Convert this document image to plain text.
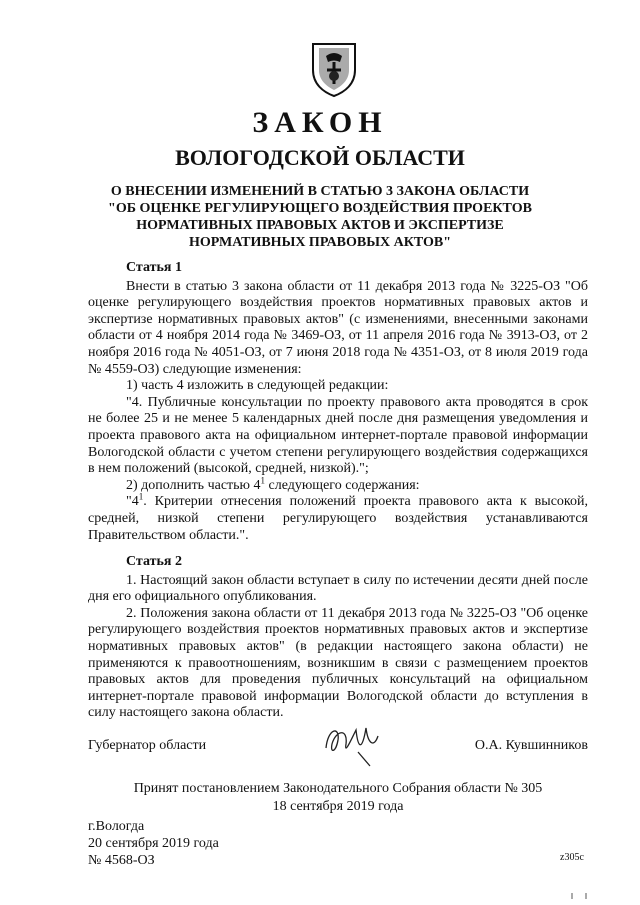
ЗАКОН
ВОЛОГОДСКОЙ ОБЛАСТИ
О ВНЕСЕНИИ ИЗМЕНЕНИЙ В СТАТЬЮ 3 ЗАКОНА ОБЛАСТИ
"ОБ ОЦЕНКЕ РЕГУЛИРУЮЩЕГО ВОЗДЕЙСТВИЯ ПРОЕКТОВ
НОРМАТИВНЫХ ПРАВОВЫХ АКТОВ И ЭКСПЕРТИЗЕ
НОРМАТИВНЫХ ПРАВОВЫХ АКТОВ"

Статья 1

Внести в статью 3 закона области от 11 декабря 2013 года № 3225-ОЗ "Об оценке регулирующего воздействия проектов нормативных правовых актов и экспертизе нормативных правовых актов" (с изменениями, внесенными законами области от 4 ноября 2014 года № 3469-ОЗ, от 11 апреля 2016 года № 3913-ОЗ, от 2 ноября 2016 года № 4051-ОЗ, от 7 июня 2018 года № 4351-ОЗ, от 8 июля 2019 года № 4559-ОЗ) следующие изменения:

1) часть 4 изложить в следующей редакции:

"4. Публичные консультации по проекту правового акта проводятся в срок не более 25 и не менее 5 календарных дней после дня размещения уведомления и проекта правового акта на официальном интернет-портале правовой информации Вологодской области с учетом степени регулирующего воздействия содержащихся в нем положений (высокой, средней, низкой).";

2) дополнить частью $4^1$ следующего содержания:

"$4^1$. Критерии отнесения положений проекта правового акта к высокой, средней, низкой степени регулирующего воздействия устанавливаются Правительством области.".

Статья 2

1. Настоящий закон области вступает в силу по истечении десяти дней после дня его официального опубликования.

2. Положения закона области от 11 декабря 2013 года № 3225-ОЗ "Об оценке регулирующего воздействия проектов нормативных правовых актов и экспертизе нормативных правовых актов" (в редакции настоящего закона области) не применяются к правоотношениям, возникшим в связи с размещением проектов правовых актов для проведения публичных консультаций на официальном интернет-портале правовой информации Вологодской области до вступления в силу настоящего закона области.

Губернатор области	О.А. Кувшинников
Принят постановлением Законодательного Собрания области № 305
18 сентября 2019 года
г.Вологда
20 сентября 2019 года
№ 4568-ОЗ	z305c
